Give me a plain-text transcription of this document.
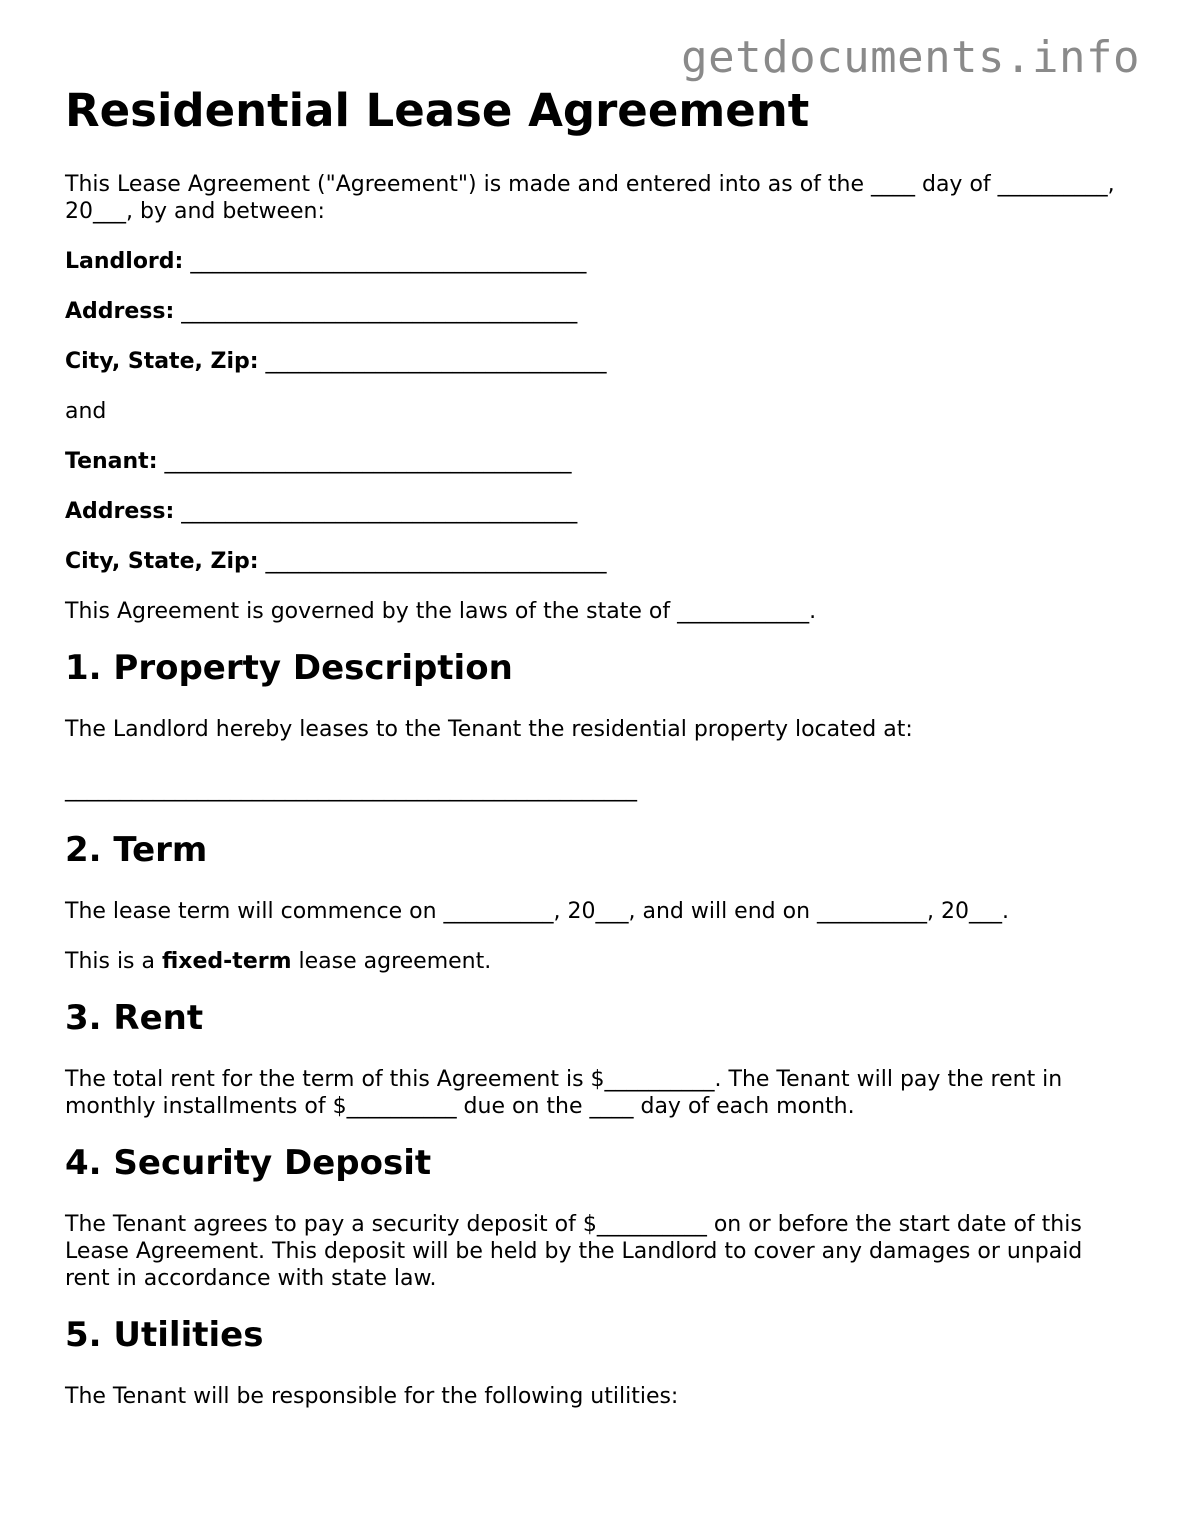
getdocuments.info
Residential Lease Agreement

This Lease Agreement ("Agreement") is made and entered into as of the ____ day of __________, 20___, by and between:

Landlord: ____________________________________

Address: ____________________________________

City, State, Zip: _______________________________

and

Tenant: _____________________________________

Address: ____________________________________

City, State, Zip: _______________________________

This Agreement is governed by the laws of the state of ____________.

1. Property Description

The Landlord hereby leases to the Tenant the residential property located at:

____________________________________________________

2. Term

The lease term will commence on __________, 20___, and will end on __________, 20___.

This is a fixed-term lease agreement.

3. Rent

The total rent for the term of this Agreement is $__________. The Tenant will pay the rent in monthly installments of $__________ due on the ____ day of each month.

4. Security Deposit

The Tenant agrees to pay a security deposit of $__________ on or before the start date of this Lease Agreement. This deposit will be held by the Landlord to cover any damages or unpaid rent in accordance with state law.

5. Utilities

The Tenant will be responsible for the following utilities:
